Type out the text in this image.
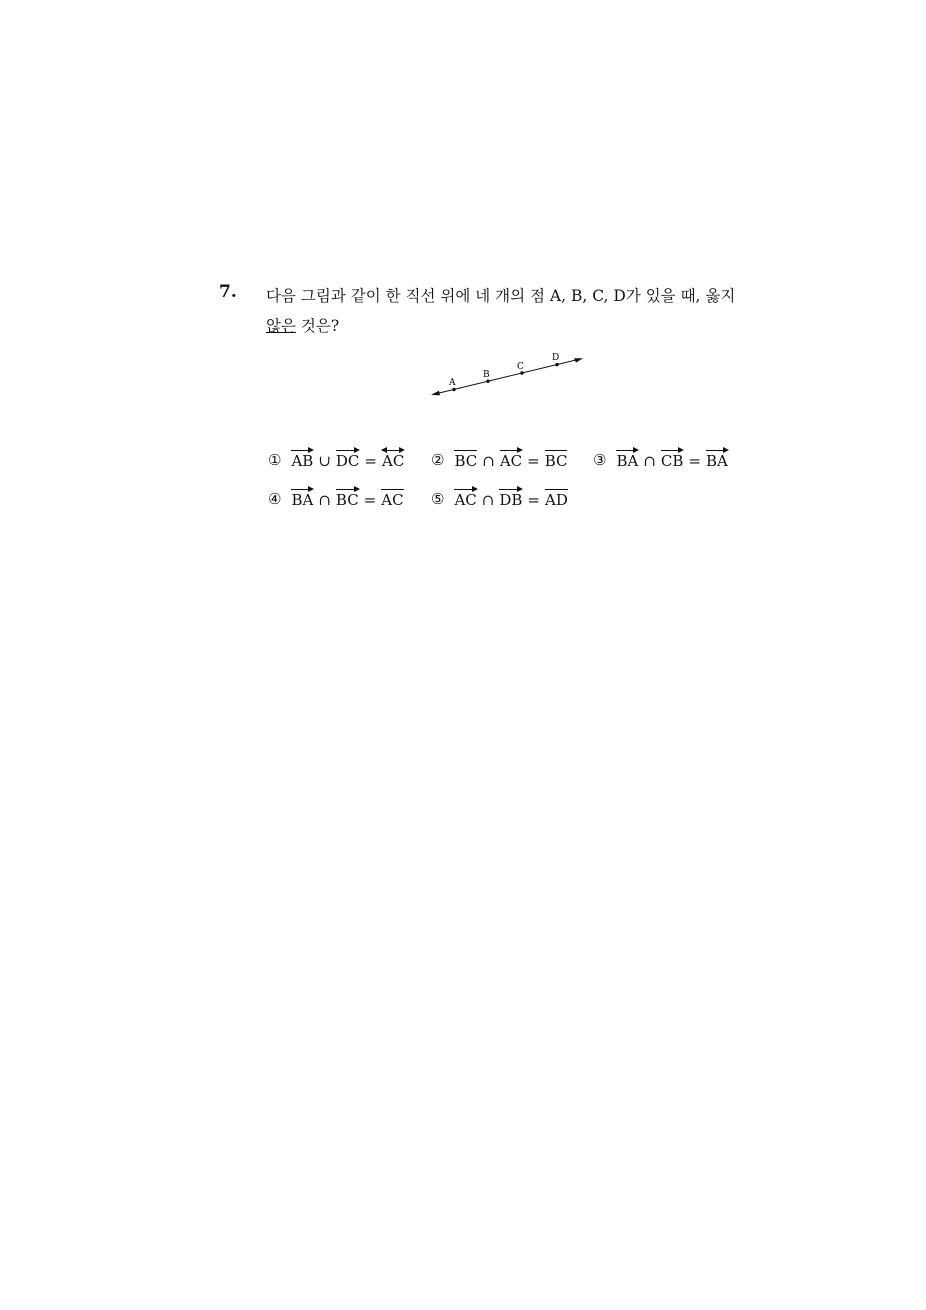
7. 다음 그림과 같이 한 직선 위에 네 개의 점 A, B, C, D가 있을 때, 옳지
않은 것은?
A
B
C
D
① AB ∪ DC = AC ② BC ∩ AC = BC ③ BA ∩ CB = BA
④ BA ∩ BC = AC ⑤ AC ∩ DB = AD
